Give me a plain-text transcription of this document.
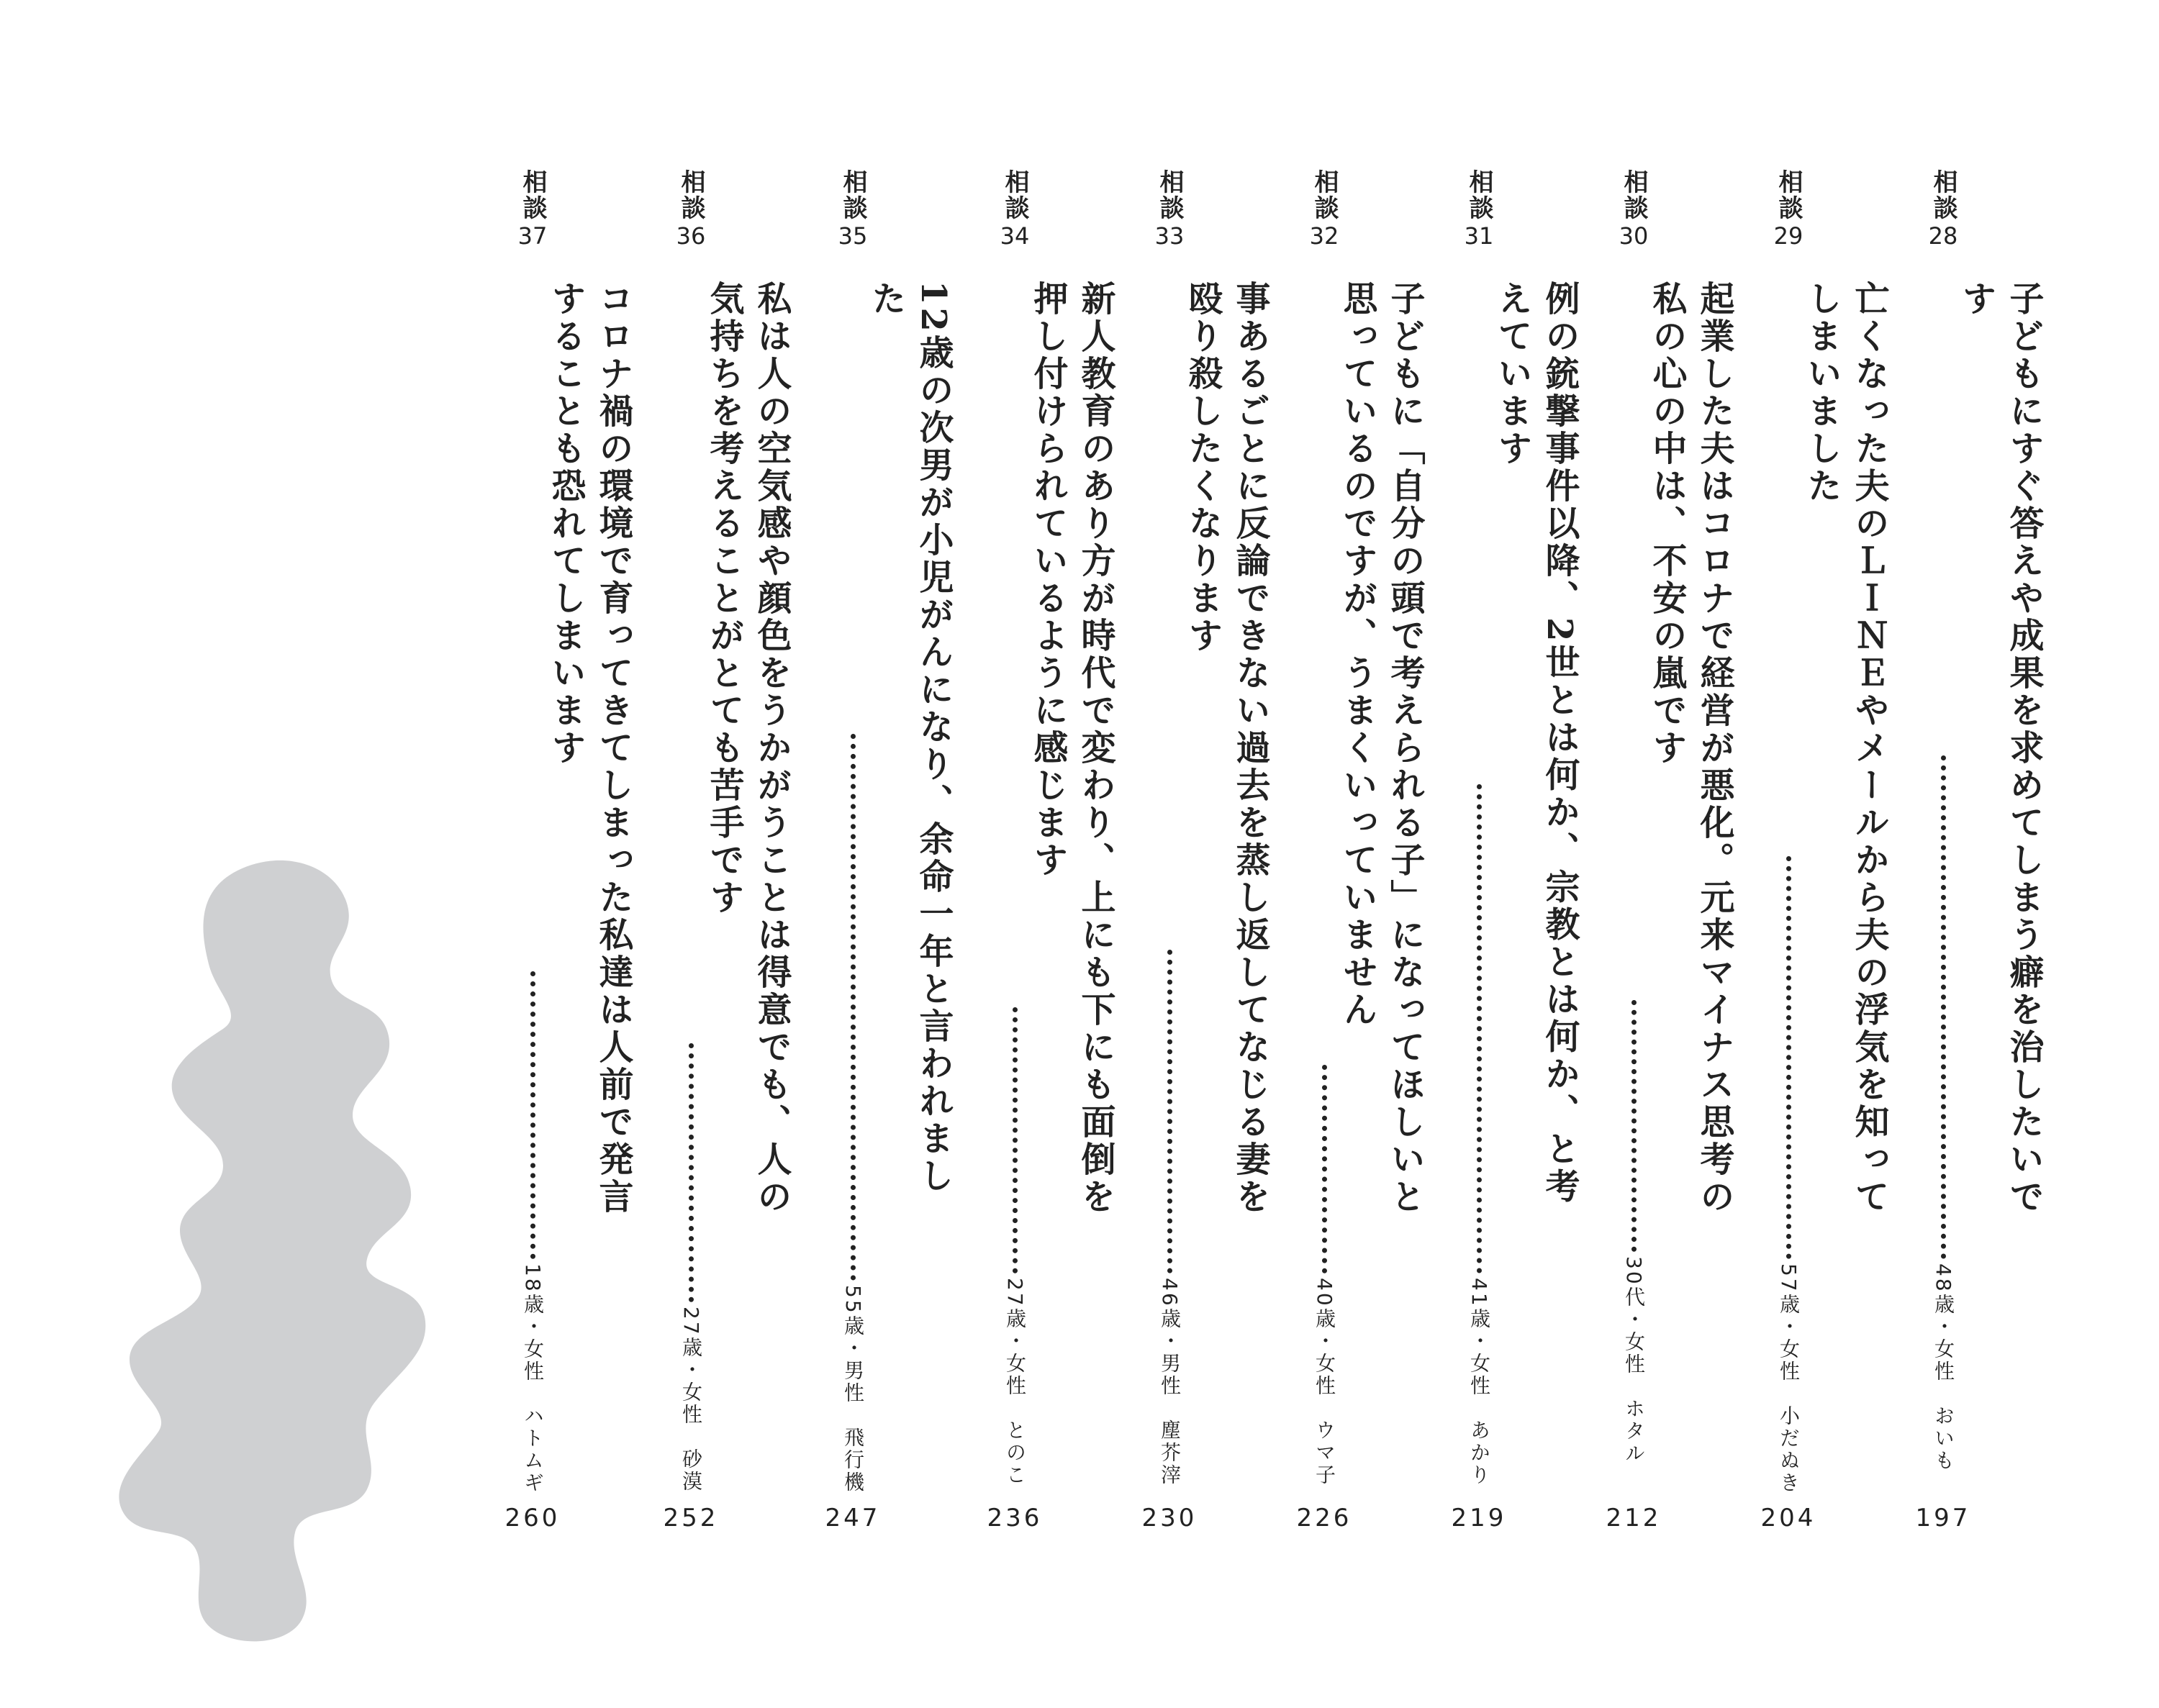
相談
28
子どもにすぐ答えや成果を求めてしまう癖を治したいです
48歳・女性　おいも
197
相談
29
亡くなった夫のＬＩＮＥやメールから夫の浮気を知ってしまいました
57歳・女性　小だぬき
204
相談
30
起業した夫はコロナで経営が悪化。元来マイナス思考の私の心の中は、不安の嵐です
30代・女性　ホタル
212
相談
31
例の銃撃事件以降、2世とは何か、宗教とは何か、と考えています
41歳・女性　あかり
219
相談
32
子どもに「自分の頭で考えられる子」になってほしいと思っているのですが、うまくいっていません
40歳・女性　ウマ子
226
相談
33
事あるごとに反論できない過去を蒸し返してなじる妻を殴り殺したくなります
46歳・男性　塵芥滓
230
相談
34
新人教育のあり方が時代で変わり、上にも下にも面倒を押し付けられているように感じます
27歳・女性　とのこ
236
相談
35
12歳の次男が小児がんになり、余命一年と言われました
55歳・男性　飛行機
247
相談
36
私は人の空気感や顔色をうかがうことは得意でも、人の気持ちを考えることがとても苦手です
27歳・女性　砂漠
252
相談
37
コロナ禍の環境で育ってきてしまった私達は人前で発言することも恐れてしまいます
18歳・女性　ハトムギ
260
